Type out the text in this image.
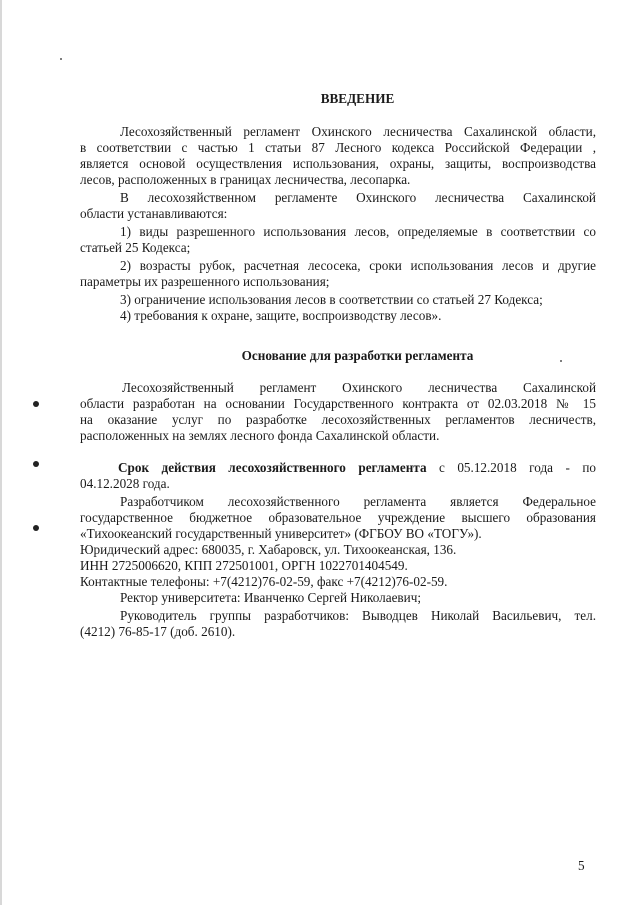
ВВЕДЕНИЕ
Лесохозяйственный регламент Охинского лесничества Сахалинской области,
в соответствии с частью 1 статьи 87 Лесного кодекса Российской Федерации ,
является основой осуществления использования, охраны, защиты, воспроизводства
лесов, расположенных в границах лесничества, лесопарка.
В лесохозяйственном регламенте Охинского лесничества Сахалинской
области устанавливаются:
1) виды разрешенного использования лесов, определяемые в соответствии со
статьей 25 Кодекса;
2) возрасты рубок, расчетная лесосека, сроки использования лесов и другие
параметры их разрешенного использования;
3) ограничение использования лесов в соответствии со статьей 27 Кодекса;
4) требования к охране, защите, воспроизводству лесов».
Основание для разработки регламента
Лесохозяйственный регламент Охинского лесничества Сахалинской
области разработан на основании Государственного контракта от 02.03.2018 № 15
на оказание услуг по разработке лесохозяйственных регламентов лесничеств,
расположенных на землях лесного фонда Сахалинской области.
Срок действия лесохозяйственного регламента с 05.12.2018 года - по
04.12.2028 года.
Разработчиком лесохозяйственного регламента является Федеральное
государственное бюджетное образовательное учреждение высшего образования
«Тихоокеанский государственный университет» (ФГБОУ ВО «ТОГУ»).
Юридический адрес: 680035, г. Хабаровск, ул. Тихоокеанская, 136.
ИНН 2725006620, КПП 272501001, ОРГН 1022701404549.
Контактные телефоны: +7(4212)76-02-59, факс +7(4212)76-02-59.
Ректор университета: Иванченко Сергей Николаевич;
Руководитель группы разработчиков: Выводцев Николай Васильевич, тел.
(4212) 76-85-17 (доб. 2610).
5
